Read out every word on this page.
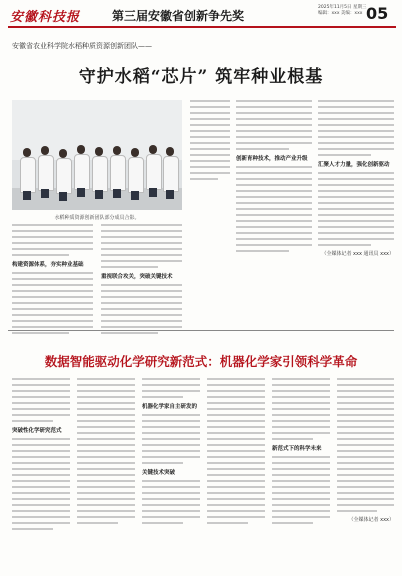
安徽科技报	第三届安徽省创新争先奖
2025年11月5日 星期三
编辑：xxx 美编：xxx 05
安徽省农业科学院水稻种质资源创新团队——
守护水稻“芯片” 筑牢种业根基
水稻种质资源创新团队部分成员合影。
创新育种技术，推动产业升级
汇聚人才力量，强化创新驱动
（全媒体记者 xxx 通讯员 xxx）
构建资源体系，夯实种业基础
重视联合攻关，突破关键技术
数据智能驱动化学研究新范式：机器化学家引领科学革命
突破性化学研究范式
机器化学家自主研发的
关键技术突破
新范式下的科学未来
（全媒体记者 xxx）
